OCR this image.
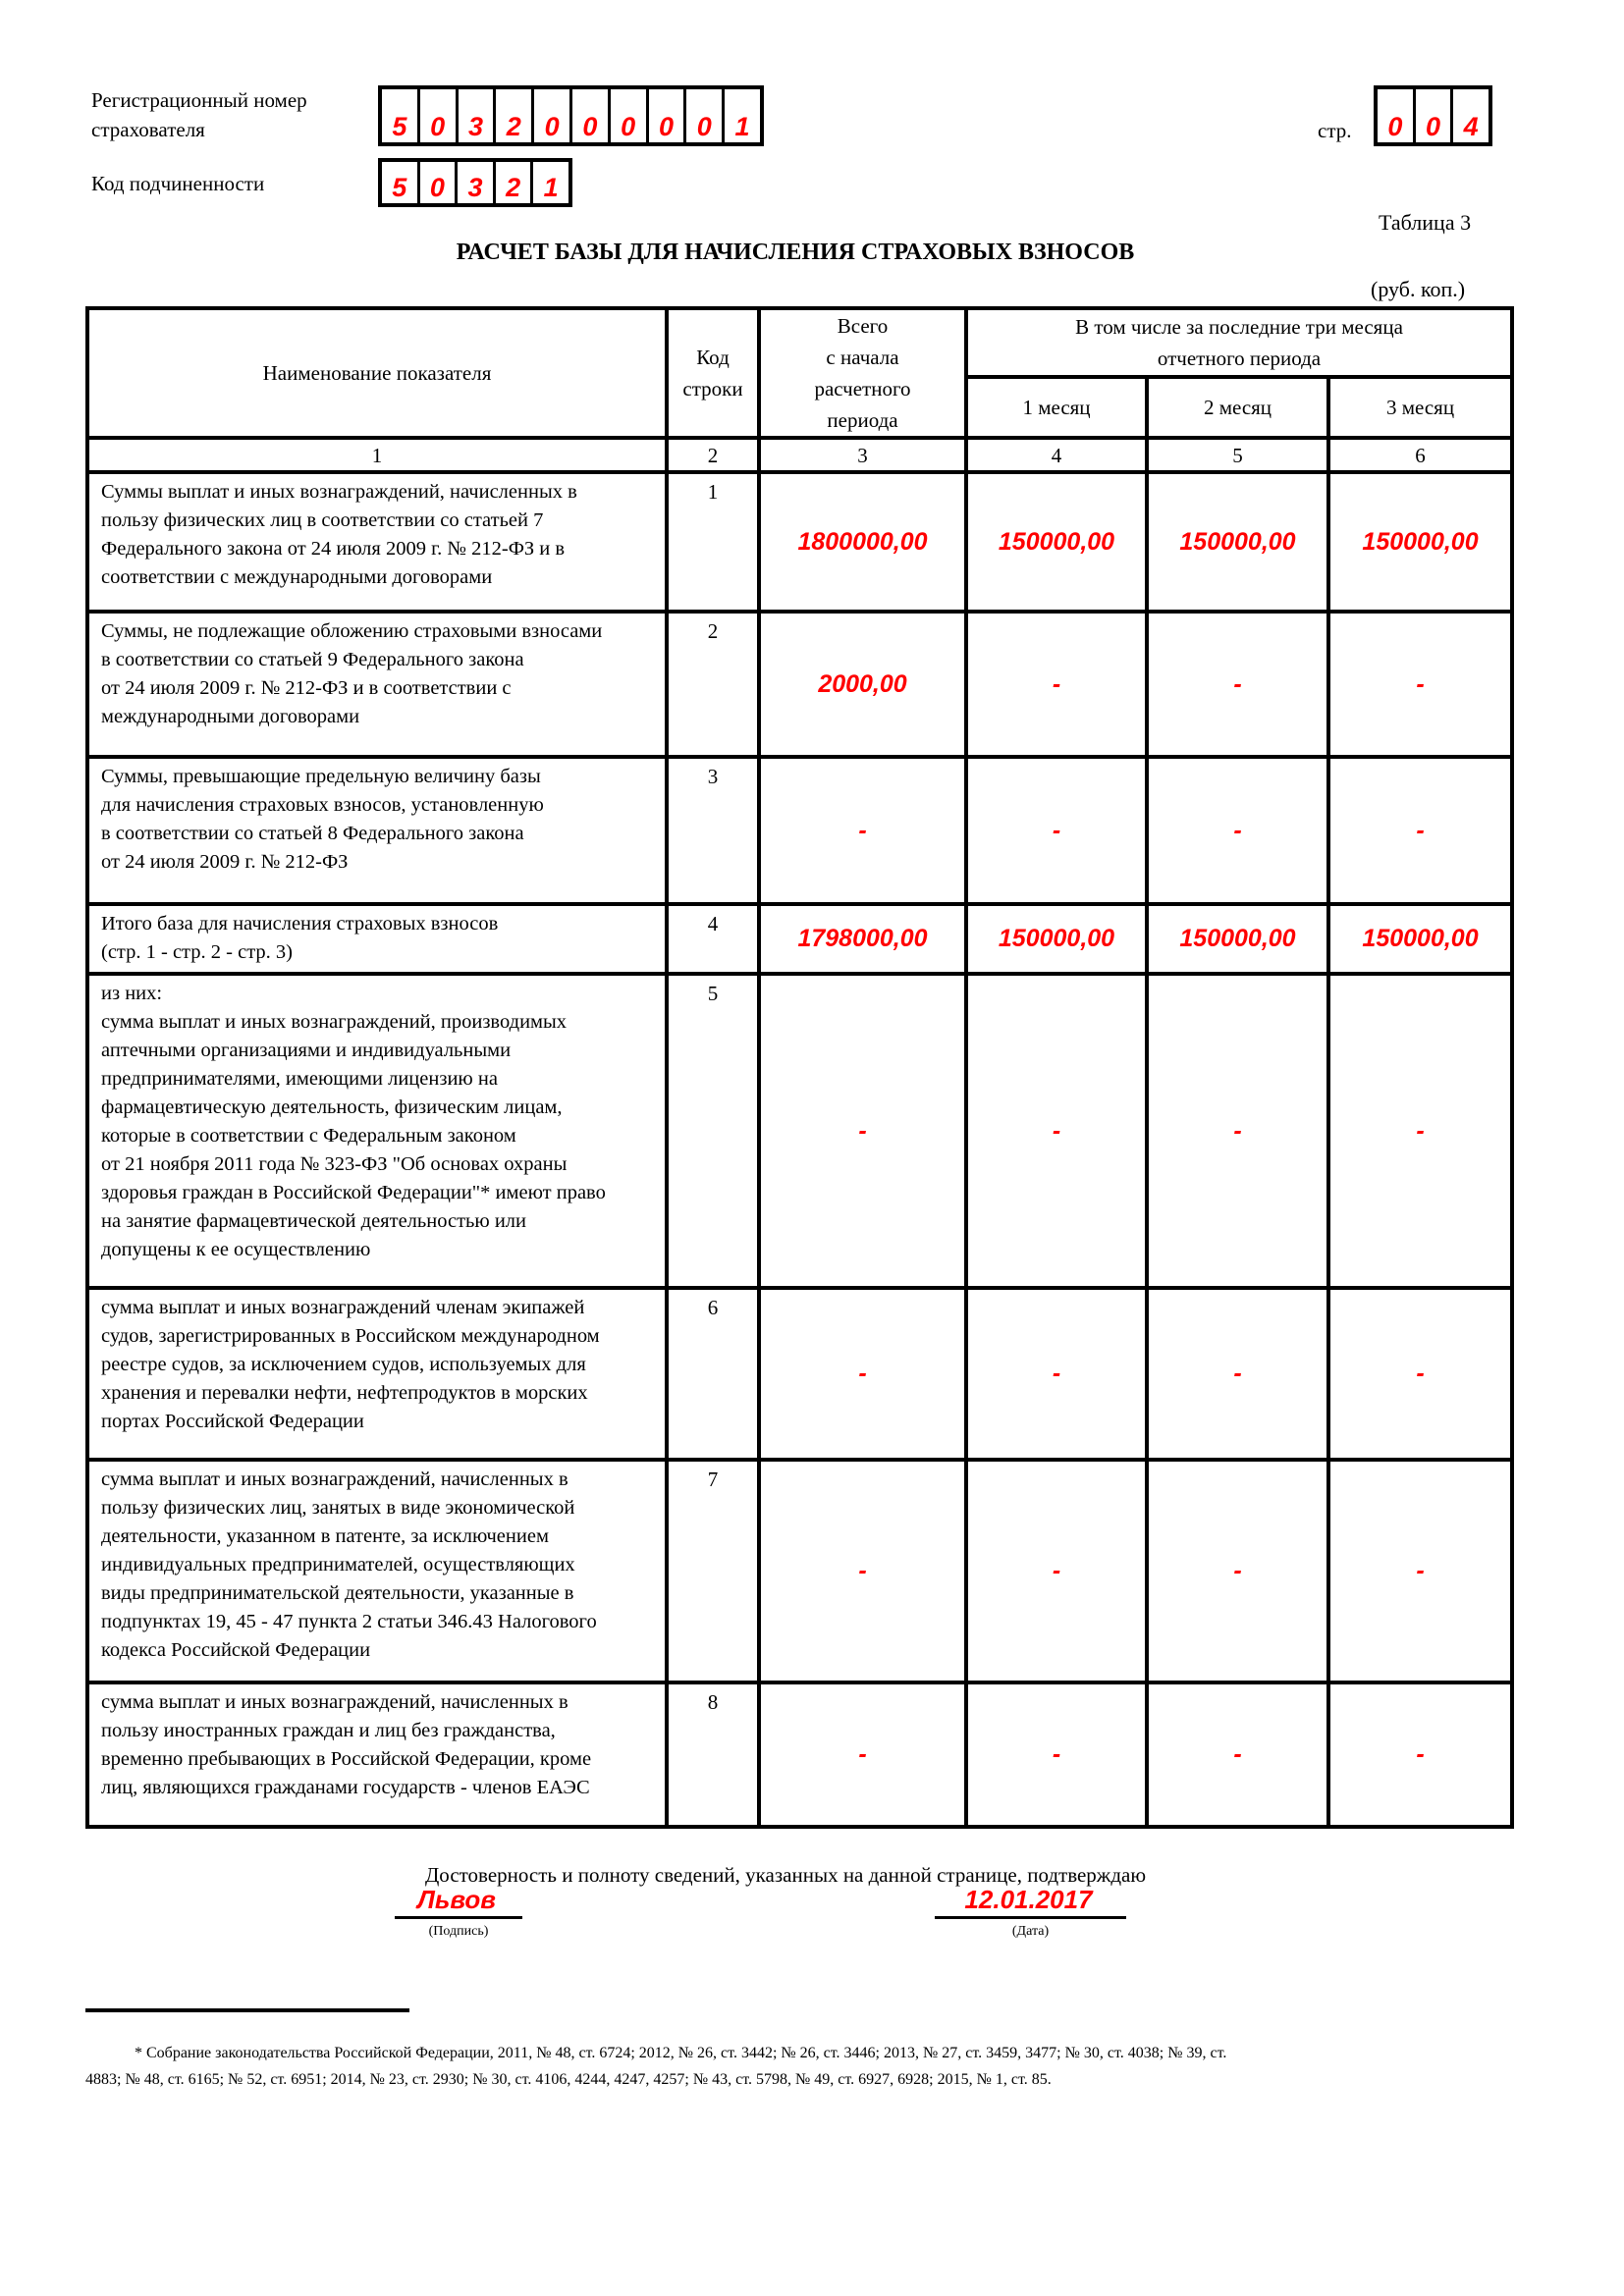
Регистрационный номер
страхователя	5 0 3 2 0 0 0 0 0 1
Код подчиненности	5 0 3 2 1
стр.	0 0 4
Таблица 3
РАСЧЕТ БАЗЫ ДЛЯ НАЧИСЛЕНИЯ СТРАХОВЫХ ВЗНОСОВ
(руб. коп.)
Наименование показателя	
Код
строки

Всего
с начала
расчетного
периода

В том числе за последние три месяца
отчетного периода

			1 месяц	2 месяц	3 месяц
1	2	3	4	5	6

Суммы выплат и иных вознаграждений, начисленных в
пользу физических лиц в соответствии со статьей 7
Федерального закона от 24 июля 2009 г. № 212-ФЗ и в
соответствии с международными договорами	1	1800000,00	150000,00	150000,00	150000,00

Суммы, не подлежащие обложению страховыми взносами
в соответствии со статьей 9 Федерального закона
от 24 июля 2009 г. № 212-ФЗ и в соответствии с
международными договорами	2	2000,00	-	-	-

Суммы, превышающие предельную величину базы
для начисления страховых взносов, установленную
в соответствии со статьей 8 Федерального закона
от 24 июля 2009 г. № 212-ФЗ	3	-	-	-	-

Итого база для начисления страховых взносов
(стр. 1 - стр. 2 - стр. 3)	4	1798000,00	150000,00	150000,00	150000,00

из них:
сумма выплат и иных вознаграждений, производимых
аптечными организациями и индивидуальными
предпринимателями, имеющими лицензию на
фармацевтическую деятельность, физическим лицам,
которые в соответствии с Федеральным законом
от 21 ноября 2011 года № 323-ФЗ "Об основах охраны
здоровья граждан в Российской Федерации"* имеют право
на занятие фармацевтической деятельностью или
допущены к ее осуществлению
	5	-	-	-	-

сумма выплат и иных вознаграждений членам экипажей
судов, зарегистрированных в Российском международном
реестре судов, за исключением судов, используемых для
хранения и перевалки нефти, нефтепродуктов в морских
портах Российской Федерации	6	-	-	-	-

сумма выплат и иных вознаграждений, начисленных в
пользу физических лиц, занятых в виде экономической
деятельности, указанном в патенте, за исключением
индивидуальных предпринимателей, осуществляющих
виды предпринимательской деятельности, указанные в
подпунктах 19, 45 - 47 пункта 2 статьи 346.43 Налогового
кодекса Российской Федерации
	7	-	-	-	-

сумма выплат и иных вознаграждений, начисленных в
пользу иностранных граждан и лиц без гражданства,
временно пребывающих в Российской Федерации, кроме
лиц, являющихся гражданами государств - членов ЕАЭС	8	-	-	-	-
Достоверность и полноту сведений, указанных на данной странице, подтверждаю
Львов
(Подпись)
12.01.2017
(Дата)
* Собрание законодательства Российской Федерации, 2011, № 48, ст. 6724; 2012, № 26, ст. 3442; № 26, ст. 3446; 2013, № 27, ст. 3459, 3477; № 30, ст. 4038; № 39, ст.
4883; № 48, ст. 6165; № 52, ст. 6951; 2014, № 23, ст. 2930; № 30, ст. 4106, 4244, 4247, 4257; № 43, ст. 5798, № 49, ст. 6927, 6928; 2015, № 1, ст. 85.
